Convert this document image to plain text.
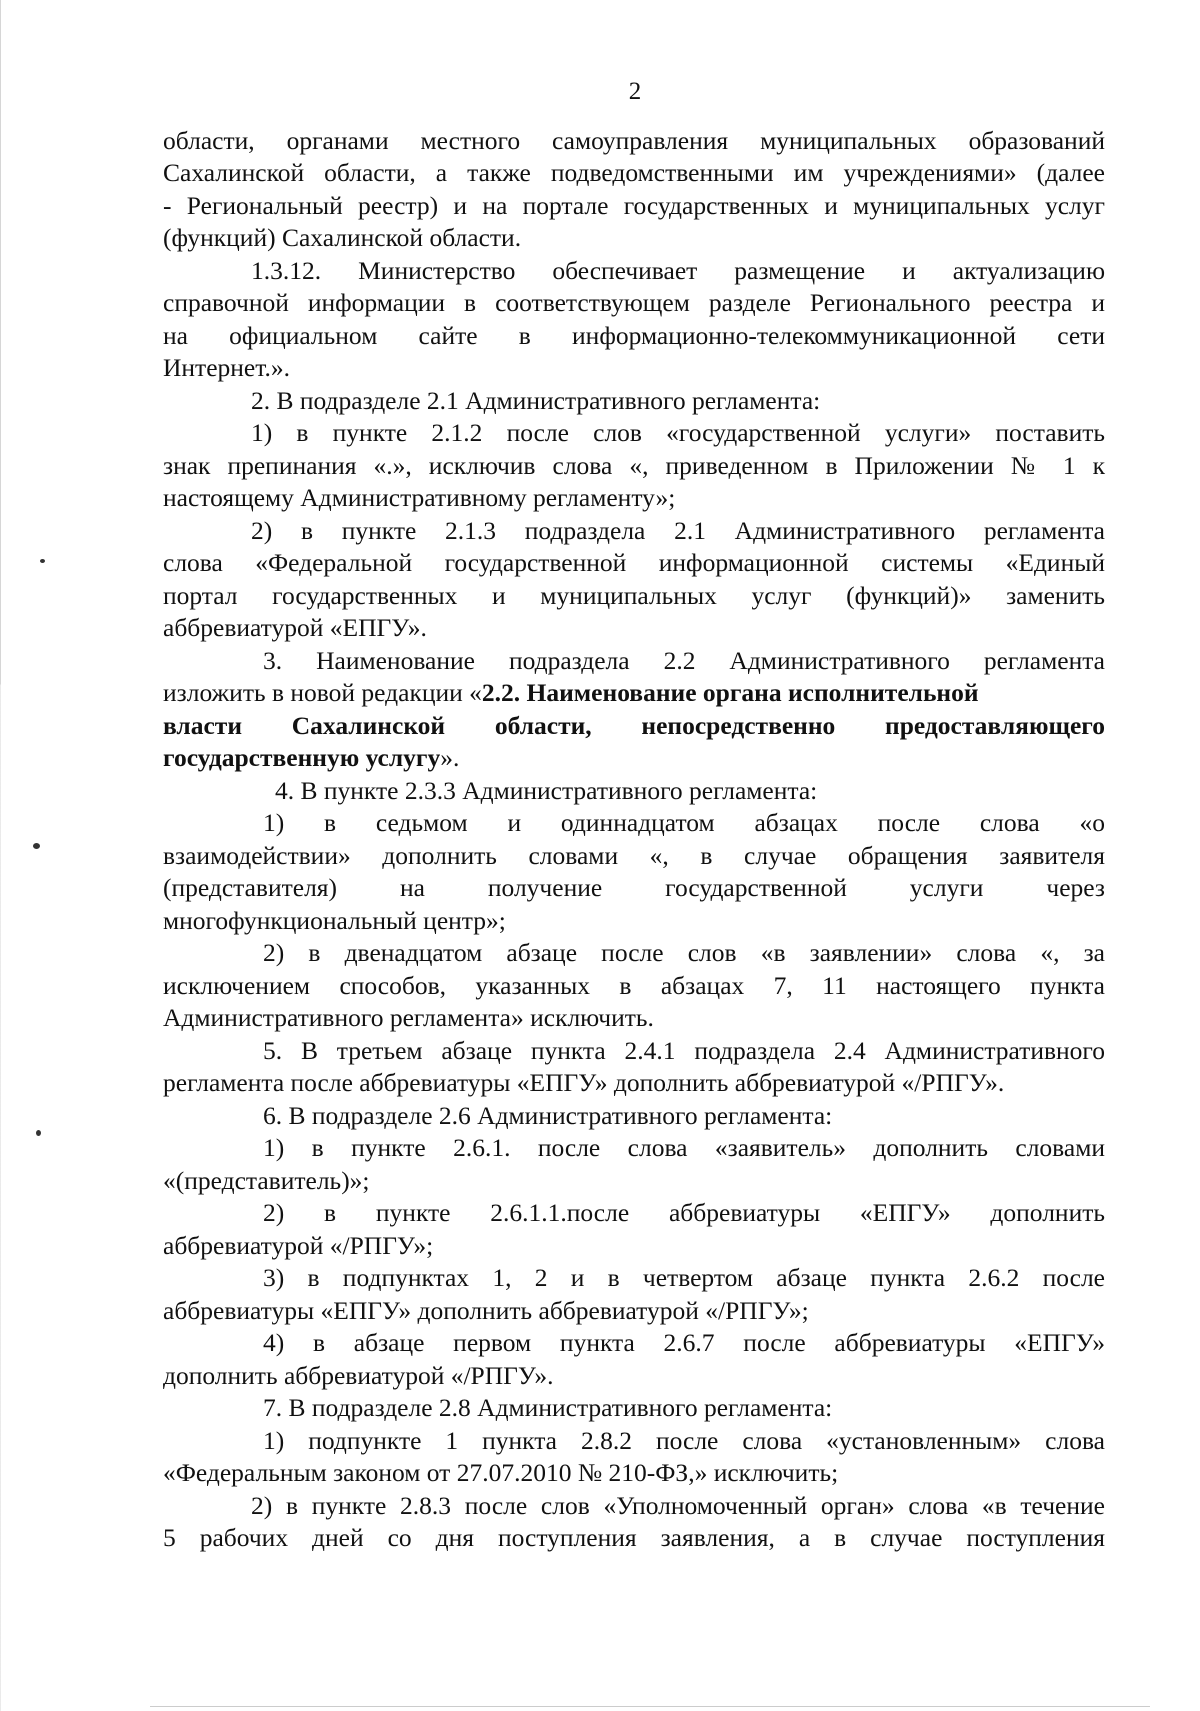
2
области, органами местного самоуправления муниципальных образований
Сахалинской области, а также подведомственными им учреждениями» (далее
- Региональный реестр) и на портале государственных и муниципальных услуг
(функций) Сахалинской области.
1.3.12. Министерство обеспечивает размещение и актуализацию
справочной информации в соответствующем разделе Регионального реестра и
на официальном сайте в информационно-телекоммуникационной сети
Интернет.».
2. В подразделе 2.1 Административного регламента:
1) в пункте 2.1.2 после слов «государственной услуги» поставить
знак препинания «.», исключив слова «, приведенном в Приложении № 1 к
настоящему Административному регламенту»;
2) в пункте 2.1.3 подраздела 2.1 Административного регламента
слова «Федеральной государственной информационной системы «Единый
портал государственных и муниципальных услуг (функций)» заменить
аббревиатурой «ЕПГУ».
3. Наименование подраздела 2.2 Административного регламента
изложить в новой редакции «2.2. Наименование органа исполнительной
власти Сахалинской области, непосредственно предоставляющего
государственную услугу».
4. В пункте 2.3.3 Административного регламента:
1) в седьмом и одиннадцатом абзацах после слова «о
взаимодействии» дополнить словами «, в случае обращения заявителя
(представителя) на получение государственной услуги через
многофункциональный центр»;
2) в двенадцатом абзаце после слов «в заявлении» слова «, за
исключением способов, указанных в абзацах 7, 11 настоящего пункта
Административного регламента» исключить.
5. В третьем абзаце пункта 2.4.1 подраздела 2.4 Административного
регламента после аббревиатуры «ЕПГУ» дополнить аббревиатурой «/РПГУ».
6. В подразделе 2.6 Административного регламента:
1) в пункте 2.6.1. после слова «заявитель» дополнить словами
«(представитель)»;
2) в пункте 2.6.1.1.после аббревиатуры «ЕПГУ» дополнить
аббревиатурой «/РПГУ»;
3) в подпунктах 1, 2 и в четвертом абзаце пункта 2.6.2 после
аббревиатуры «ЕПГУ» дополнить аббревиатурой «/РПГУ»;
4) в абзаце первом пункта 2.6.7 после аббревиатуры «ЕПГУ»
дополнить аббревиатурой «/РПГУ».
7. В подразделе 2.8 Административного регламента:
1) подпункте 1 пункта 2.8.2 после слова «установленным» слова
«Федеральным законом от 27.07.2010 № 210-ФЗ,» исключить;
2) в пункте 2.8.3 после слов «Уполномоченный орган» слова «в течение
5 рабочих дней со дня поступления заявления, а в случае поступления
